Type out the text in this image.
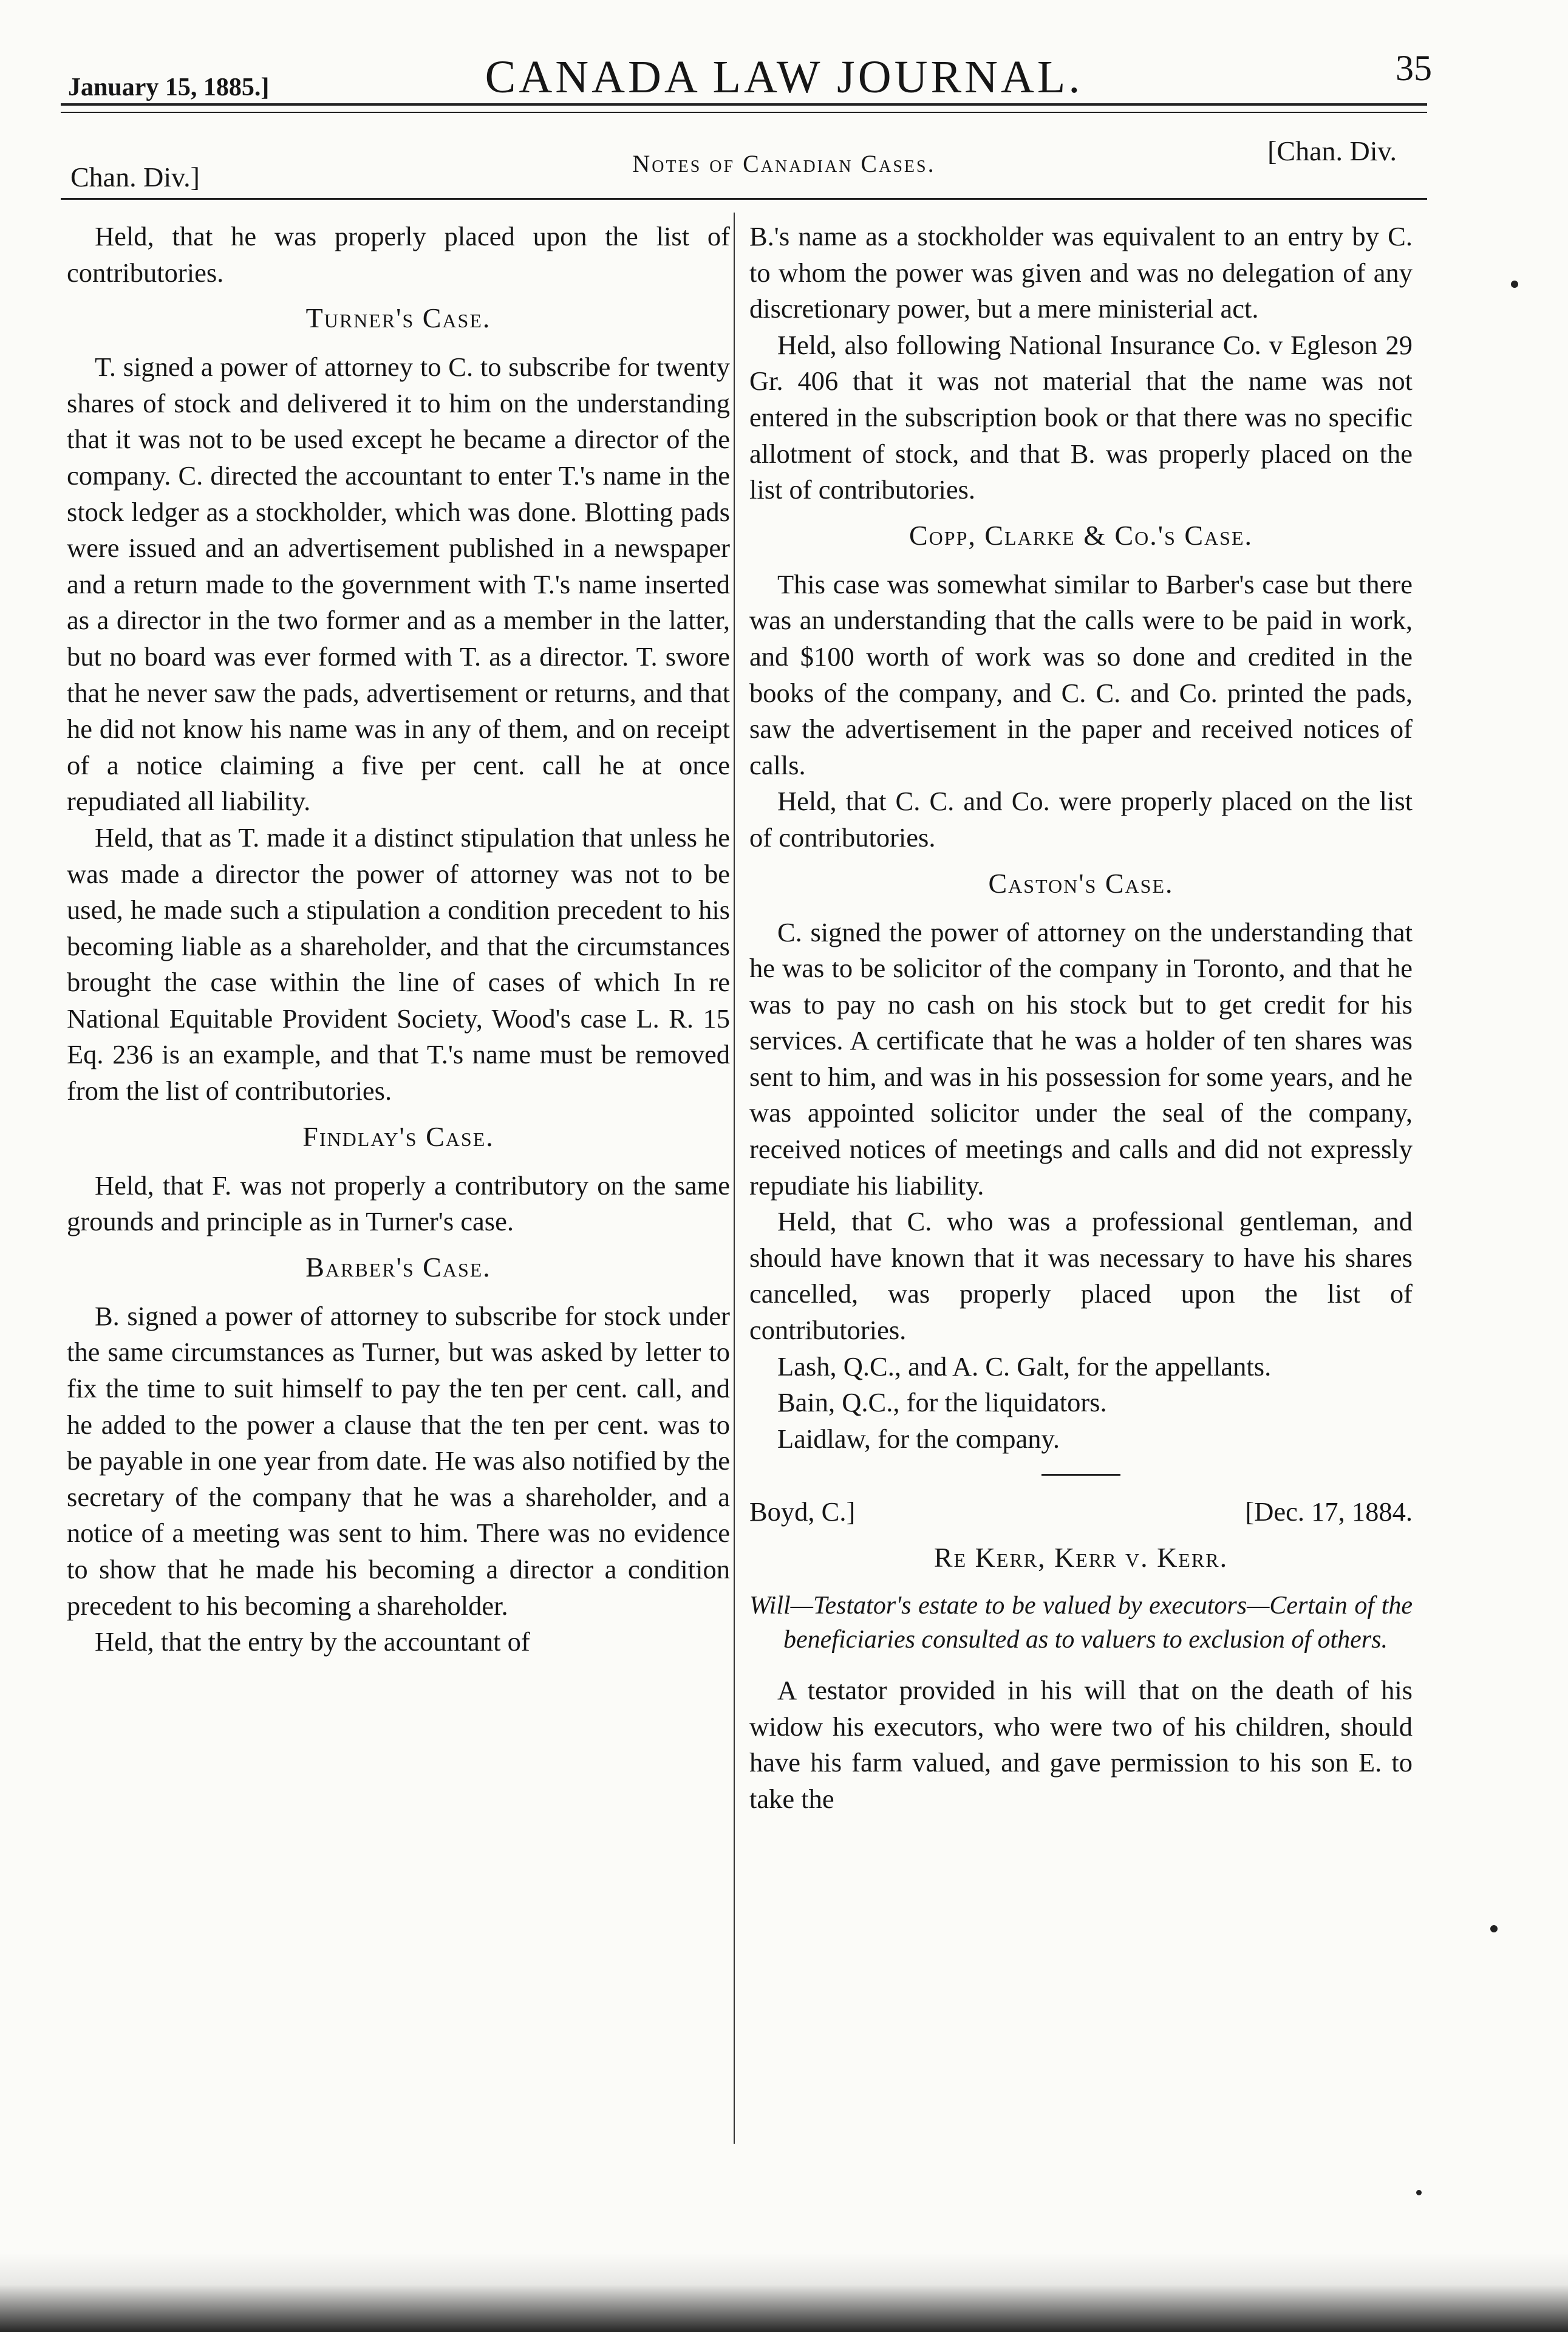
January 15, 1885.]	CANADA LAW JOURNAL.	35
Chan. Div.]	Notes of Canadian Cases.	[Chan. Div.

Held, that he was properly placed upon the list of contributories.

Turner's Case.

T. signed a power of attorney to C. to subscribe for twenty shares of stock and delivered it to him on the understanding that it was not to be used except he became a director of the company. C. directed the accountant to enter T.'s name in the stock ledger as a stockholder, which was done. Blotting pads were issued and an advertisement published in a newspaper and a return made to the government with T.'s name inserted as a director in the two former and as a member in the latter, but no board was ever formed with T. as a director. T. swore that he never saw the pads, advertisement or returns, and that he did not know his name was in any of them, and on receipt of a notice claiming a five per cent. call he at once repudiated all liability.

Held, that as T. made it a distinct stipulation that unless he was made a director the power of attorney was not to be used, he made such a stipulation a condition precedent to his becoming liable as a shareholder, and that the circumstances brought the case within the line of cases of which In re National Equitable Provident Society, Wood's case L. R. 15 Eq. 236 is an example, and that T.'s name must be removed from the list of contributories.

Findlay's Case.

Held, that F. was not properly a contributory on the same grounds and principle as in Turner's case.

Barber's Case.

B. signed a power of attorney to subscribe for stock under the same circumstances as Turner, but was asked by letter to fix the time to suit himself to pay the ten per cent. call, and he added to the power a clause that the ten per cent. was to be payable in one year from date. He was also notified by the secretary of the company that he was a shareholder, and a notice of a meeting was sent to him. There was no evidence to show that he made his becoming a director a condition precedent to his becoming a shareholder.

Held, that the entry by the accountant of

B.'s name as a stockholder was equivalent to an entry by C. to whom the power was given and was no delegation of any discretionary power, but a mere ministerial act.

Held, also following National Insurance Co. v Egleson 29 Gr. 406 that it was not material that the name was not entered in the subscription book or that there was no specific allotment of stock, and that B. was properly placed on the list of contributories.

Copp, Clarke & Co.'s Case.

This case was somewhat similar to Barber's case but there was an understanding that the calls were to be paid in work, and $100 worth of work was so done and credited in the books of the company, and C. C. and Co. printed the pads, saw the advertisement in the paper and received notices of calls.

Held, that C. C. and Co. were properly placed on the list of contributories.

Caston's Case.

C. signed the power of attorney on the understanding that he was to be solicitor of the company in Toronto, and that he was to pay no cash on his stock but to get credit for his services. A certificate that he was a holder of ten shares was sent to him, and was in his possession for some years, and he was appointed solicitor under the seal of the company, received notices of meetings and calls and did not expressly repudiate his liability.

Held, that C. who was a professional gentleman, and should have known that it was necessary to have his shares cancelled, was properly placed upon the list of contributories.

Lash, Q.C., and A. C. Galt, for the appellants.

Bain, Q.C., for the liquidators.

Laidlaw, for the company.

Boyd, C.]	[Dec. 17, 1884.
Re Kerr, Kerr v. Kerr.
Will—Testator's estate to be valued by executors—Certain of the beneficiaries consulted as to valuers to exclusion of others.

A testator provided in his will that on the death of his widow his executors, who were two of his children, should have his farm valued, and gave permission to his son E. to take the
